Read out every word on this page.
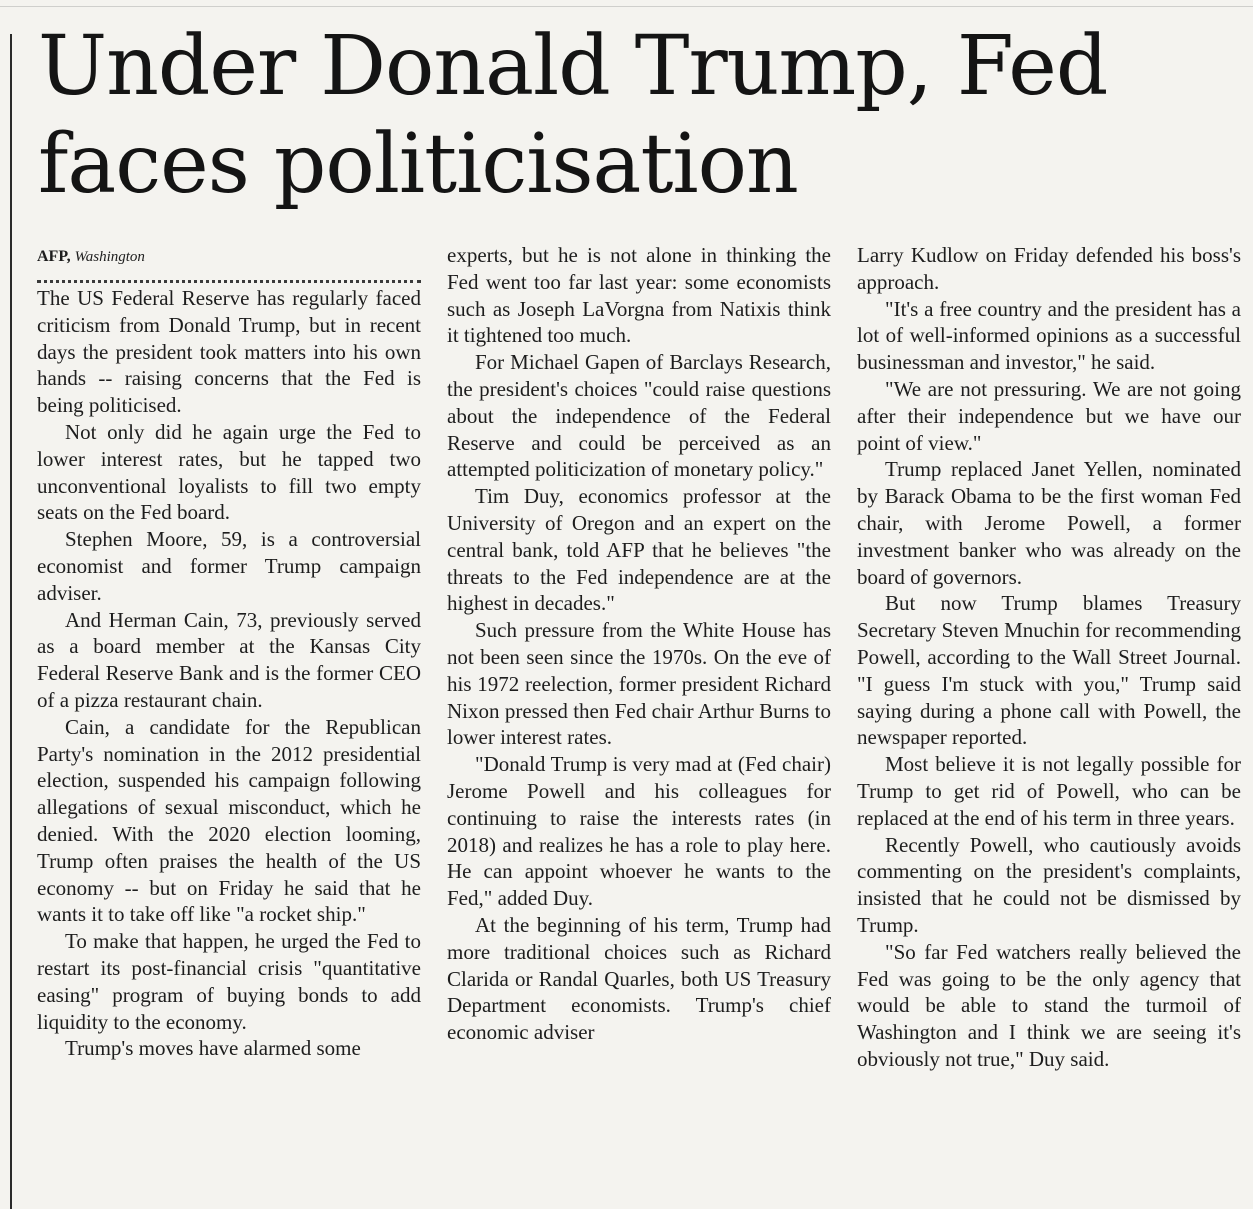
Under Donald Trump, Fed faces politicisation
AFP, Washington

The US Federal Reserve has regularly faced criticism from Donald Trump, but in recent days the president took matters into his own hands -- raising concerns that the Fed is being politicised.

Not only did he again urge the Fed to lower interest rates, but he tapped two unconventional loyalists to fill two empty seats on the Fed board.

Stephen Moore, 59, is a controversial economist and former Trump campaign adviser.

And Herman Cain, 73, previously served as a board member at the Kansas City Federal Reserve Bank and is the former CEO of a pizza restaurant chain.

Cain, a candidate for the Republican Party's nomination in the 2012 presidential election, suspended his campaign following allegations of sexual misconduct, which he denied. With the 2020 election looming, Trump often praises the health of the US economy -- but on Friday he said that he wants it to take off like "a rocket ship."

To make that happen, he urged the Fed to restart its post-financial crisis "quantitative easing" program of buying bonds to add liquidity to the economy.

Trump's moves have alarmed some

experts, but he is not alone in thinking the Fed went too far last year: some economists such as Joseph LaVorgna from Natixis think it tightened too much.

For Michael Gapen of Barclays Research, the president's choices "could raise questions about the independence of the Federal Reserve and could be perceived as an attempted politicization of monetary policy."

Tim Duy, economics professor at the University of Oregon and an expert on the central bank, told AFP that he believes "the threats to the Fed independence are at the highest in decades."

Such pressure from the White House has not been seen since the 1970s. On the eve of his 1972 reelection, former president Richard Nixon pressed then Fed chair Arthur Burns to lower interest rates.

"Donald Trump is very mad at (Fed chair) Jerome Powell and his colleagues for continuing to raise the interests rates (in 2018) and realizes he has a role to play here. He can appoint whoever he wants to the Fed," added Duy.

At the beginning of his term, Trump had more traditional choices such as Richard Clarida or Randal Quarles, both US Treasury Department economists. Trump's chief economic adviser

Larry Kudlow on Friday defended his boss's approach.

"It's a free country and the president has a lot of well-informed opinions as a successful businessman and investor," he said.

"We are not pressuring. We are not going after their independence but we have our point of view."

Trump replaced Janet Yellen, nominated by Barack Obama to be the first woman Fed chair, with Jerome Powell, a former investment banker who was already on the board of governors.

But now Trump blames Treasury Secretary Steven Mnuchin for recommending Powell, according to the Wall Street Journal. "I guess I'm stuck with you," Trump said saying during a phone call with Powell, the newspaper reported.

Most believe it is not legally possible for Trump to get rid of Powell, who can be replaced at the end of his term in three years.

Recently Powell, who cautiously avoids commenting on the president's complaints, insisted that he could not be dismissed by Trump.

"So far Fed watchers really believed the Fed was going to be the only agency that would be able to stand the turmoil of Washington and I think we are seeing it's obviously not true," Duy said.
